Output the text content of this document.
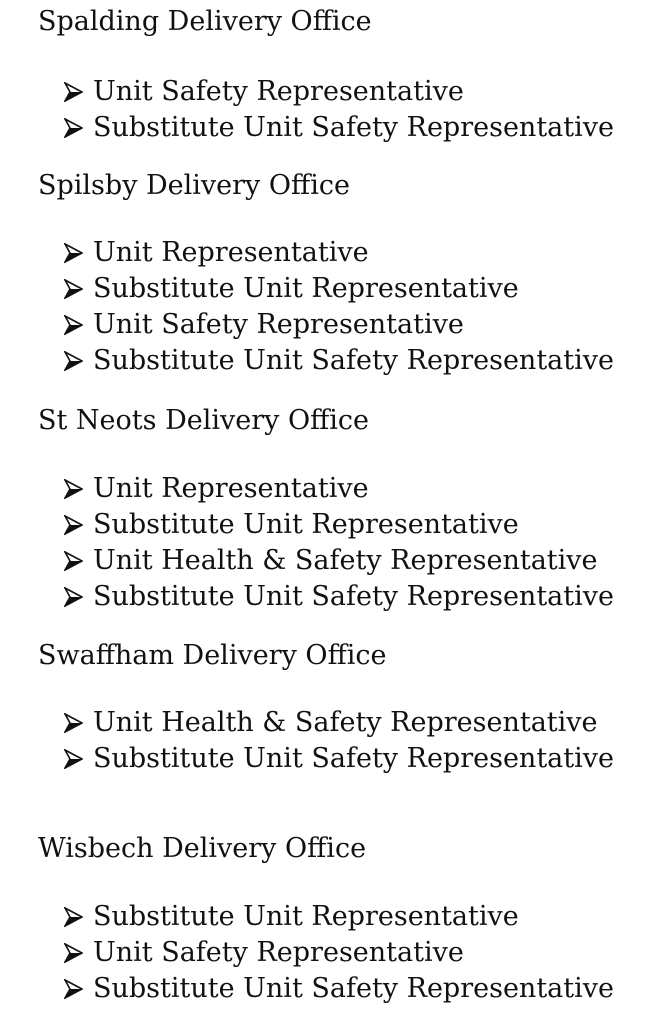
Spalding Delivery Office
Unit Safety Representative
Substitute Unit Safety Representative
Spilsby Delivery Office
Unit Representative
Substitute Unit Representative
Unit Safety Representative
Substitute Unit Safety Representative
St Neots Delivery Office
Unit Representative
Substitute Unit Representative
Unit Health & Safety Representative
Substitute Unit Safety Representative
Swaffham Delivery Office
Unit Health & Safety Representative
Substitute Unit Safety Representative
Wisbech Delivery Office
Substitute Unit Representative
Unit Safety Representative
Substitute Unit Safety Representative
